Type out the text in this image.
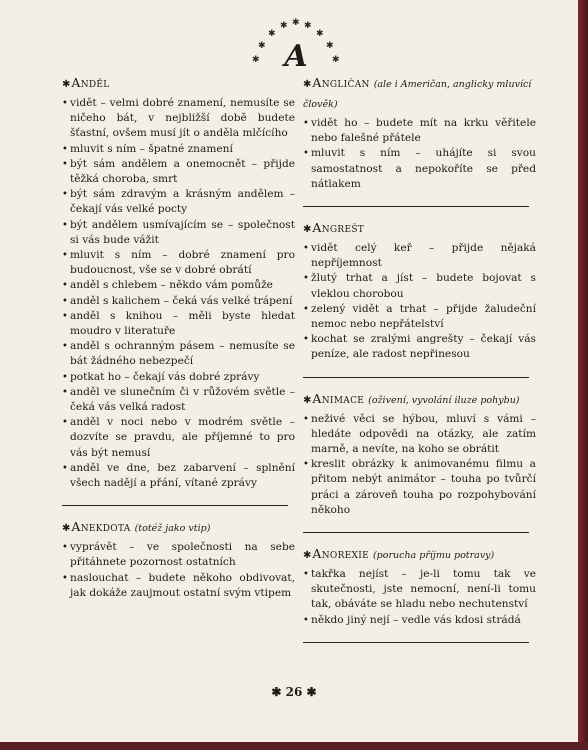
✱
✱
✱
✱ ✱ ✱
✱
✱
✱
A
✱Anděl
• vidět – velmi dobré znamení, nemusíte se ničeho bát, v nejbližší době budete šťastní, ovšem musí jít o anděla mlčícího
• mluvit s ním – špatné znamení
• být sám andělem a onemocnět – přijde těžká choroba, smrt
• být sám zdravým a krásným andělem – čekají vás velké pocty
• být andělem usmívajícím se – společnost si vás bude vážit
• mluvit s ním – dobré znamení pro budoucnost, vše se v dobré obrátí
• anděl s chlebem – někdo vám pomůže
• anděl s kalichem – čeká vás velké trápení
• anděl s knihou – měli byste hledat moudro v literatuře
• anděl s ochranným pásem – nemusíte se bát žádného nebezpečí
• potkat ho – čekají vás dobré zprávy
• anděl ve slunečním či v růžovém světle – čeká vás velká radost
• anděl v noci nebo v modrém světle – dozvíte se pravdu, ale příjemné to pro vás být nemusí
• anděl ve dne, bez zabarvení – splnění všech nadějí a přání, vítané zprávy
✱Anekdota (totéž jako vtip)
• vyprávět – ve společnosti na sebe přitáhnete pozornost ostatních
• naslouchat – budete někoho obdivovat, jak dokáže zaujmout ostatní svým vtipem
✱Angličan (ale i Američan, anglicky mluvící člověk)
• vidět ho – budete mít na krku věřitele nebo falešné přátele
• mluvit s ním – uhájíte si svou samostatnost a nepokoříte se před nátlakem
✱Angrešt
• vidět celý keř – přijde nějaká nepříjemnost
• žlutý trhat a jíst – budete bojovat s vleklou chorobou
• zelený vidět a trhat – přijde žaludeční nemoc nebo nepřátelství
• kochat se zralými angrešty – čekají vás peníze, ale radost nepřinesou
✱Animace (oživení, vyvolání iluze pohybu)
• neživé věci se hýbou, mluví s vámi – hledáte odpovědi na otázky, ale zatím marně, a nevíte, na koho se obrátit
• kreslit obrázky k animovanému filmu a přitom nebýt animátor – touha po tvůrčí práci a zároveň touha po rozpohybování někoho
✱Anorexie (porucha příjmu potravy)
• takřka nejíst – je-li tomu tak ve skutečnosti, jste nemocní, není-li tomu tak, obáváte se hladu nebo nechutenství
• někdo jiný nejí – vedle vás kdosi strádá
✱ 26 ✱
